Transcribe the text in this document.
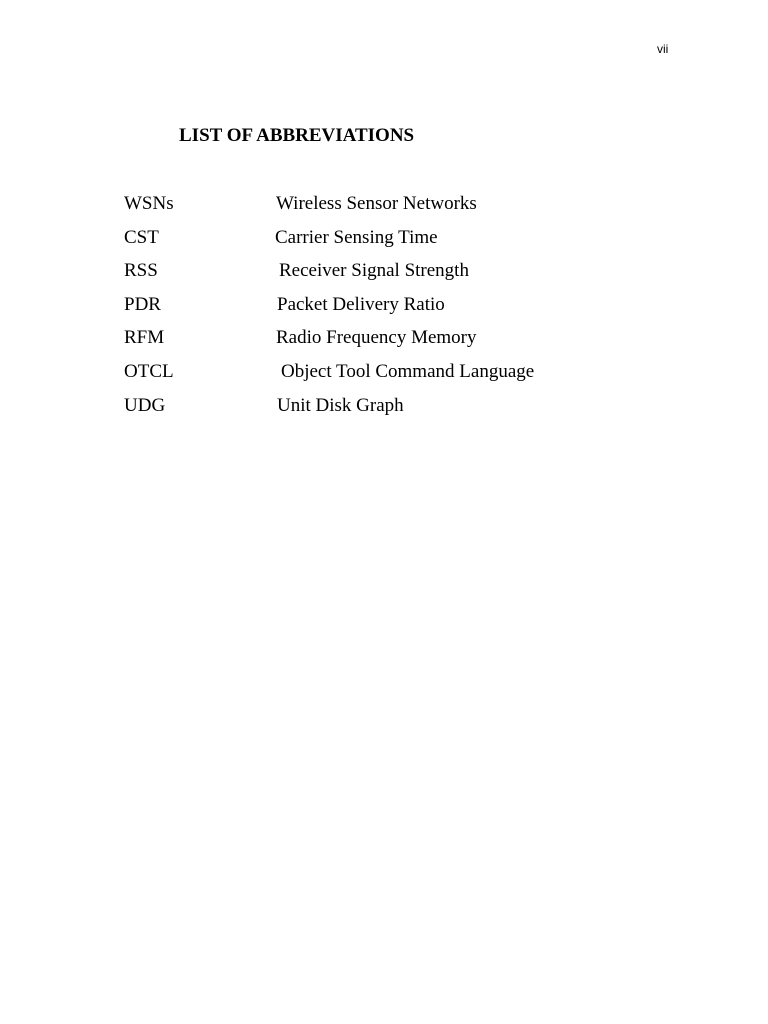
vii
LIST OF ABBREVIATIONS
WSNs	Wireless Sensor Networks
CST	Carrier Sensing Time
RSS	Receiver Signal Strength
PDR	Packet Delivery Ratio
RFM	Radio Frequency Memory
OTCL	Object Tool Command Language
UDG	Unit Disk Graph
